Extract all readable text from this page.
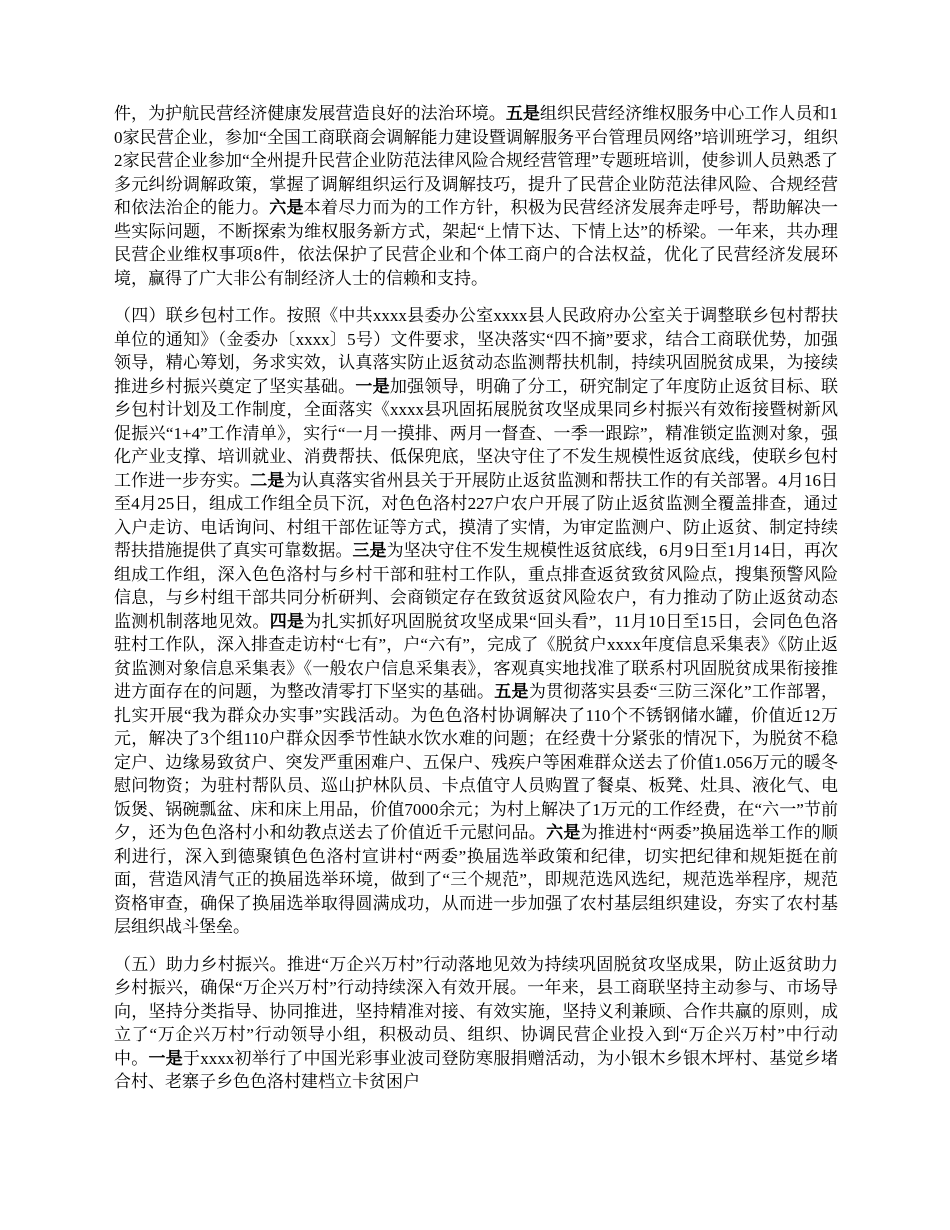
件，为护航民营经济健康发展营造良好的法治环境。五是组织民营经济维权服务中心工作人员和10家民营企业，参加“全国工商联商会调解能力建设暨调解服务平台管理员网络”培训班学习，组织2家民营企业参加“全州提升民营企业防范法律风险合规经营管理”专题班培训，使参训人员熟悉了多元纠纷调解政策，掌握了调解组织运行及调解技巧，提升了民营企业防范法律风险、合规经营和依法治企的能力。六是本着尽力而为的工作方针，积极为民营经济发展奔走呼号，帮助解决一些实际问题，不断探索为维权服务新方式，架起“上情下达、下情上达”的桥梁。一年来，共办理民营企业维权事项8件，依法保护了民营企业和个体工商户的合法权益，优化了民营经济发展环境，赢得了广大非公有制经济人士的信赖和支持。

（四）联乡包村工作。按照《中共xxxx县委办公室xxxx县人民政府办公室关于调整联乡包村帮扶单位的通知》（金委办〔xxxx〕5号）文件要求，坚决落实“四不摘”要求，结合工商联优势，加强领导，精心筹划，务求实效，认真落实防止返贫动态监测帮扶机制，持续巩固脱贫成果，为接续推进乡村振兴奠定了坚实基础。一是加强领导，明确了分工，研究制定了年度防止返贫目标、联乡包村计划及工作制度，全面落实《xxxx县巩固拓展脱贫攻坚成果同乡村振兴有效衔接暨树新风促振兴“1+4”工作清单》，实行“一月一摸排、两月一督查、一季一跟踪”，精准锁定监测对象，强化产业支撑、培训就业、消费帮扶、低保兜底，坚决守住了不发生规模性返贫底线，使联乡包村工作进一步夯实。二是为认真落实省州县关于开展防止返贫监测和帮扶工作的有关部署。4月16日至4月25日，组成工作组全员下沉，对色色洛村227户农户开展了防止返贫监测全覆盖排查，通过入户走访、电话询问、村组干部佐证等方式，摸清了实情，为审定监测户、防止返贫、制定持续帮扶措施提供了真实可靠数据。三是为坚决守住不发生规模性返贫底线，6月9日至1月14日，再次组成工作组，深入色色洛村与乡村干部和驻村工作队，重点排查返贫致贫风险点，搜集预警风险信息，与乡村组干部共同分析研判、会商锁定存在致贫返贫风险农户，有力推动了防止返贫动态监测机制落地见效。四是为扎实抓好巩固脱贫攻坚成果“回头看”，11月10日至15日，会同色色洛驻村工作队，深入排查走访村“七有”，户“六有”，完成了《脱贫户xxxx年度信息采集表》《防止返贫监测对象信息采集表》《一般农户信息采集表》，客观真实地找准了联系村巩固脱贫成果衔接推进方面存在的问题，为整改清零打下坚实的基础。五是为贯彻落实县委“三防三深化”工作部署，扎实开展“我为群众办实事”实践活动。为色色洛村协调解决了110个不锈钢储水罐，价值近12万元，解决了3个组110户群众因季节性缺水饮水难的问题；在经费十分紧张的情况下，为脱贫不稳定户、边缘易致贫户、突发严重困难户、五保户、残疾户等困难群众送去了价值1.056万元的暖冬慰问物资；为驻村帮队员、巡山护林队员、卡点值守人员购置了餐桌、板凳、灶具、液化气、电饭煲、锅碗瓢盆、床和床上用品，价值7000余元；为村上解决了1万元的工作经费，在“六一”节前夕，还为色色洛村小和幼教点送去了价值近千元慰问品。六是为推进村“两委”换届选举工作的顺利进行，深入到德聚镇色色洛村宣讲村“两委”换届选举政策和纪律，切实把纪律和规矩挺在前面，营造风清气正的换届选举环境，做到了“三个规范”，即规范选风选纪，规范选举程序，规范资格审查，确保了换届选举取得圆满成功，从而进一步加强了农村基层组织建设，夯实了农村基层组织战斗堡垒。

（五）助力乡村振兴。推进“万企兴万村”行动落地见效为持续巩固脱贫攻坚成果，防止返贫助力乡村振兴，确保“万企兴万村”行动持续深入有效开展。一年来，县工商联坚持主动参与、市场导向，坚持分类指导、协同推进，坚持精准对接、有效实施，坚持义利兼顾、合作共赢的原则，成立了“万企兴万村”行动领导小组，积极动员、组织、协调民营企业投入到“万企兴万村”中行动中。一是于xxxx初举行了中国光彩事业波司登防寒服捐赠活动，为小银木乡银木坪村、基觉乡堵合村、老寨子乡色色洛村建档立卡贫困户
